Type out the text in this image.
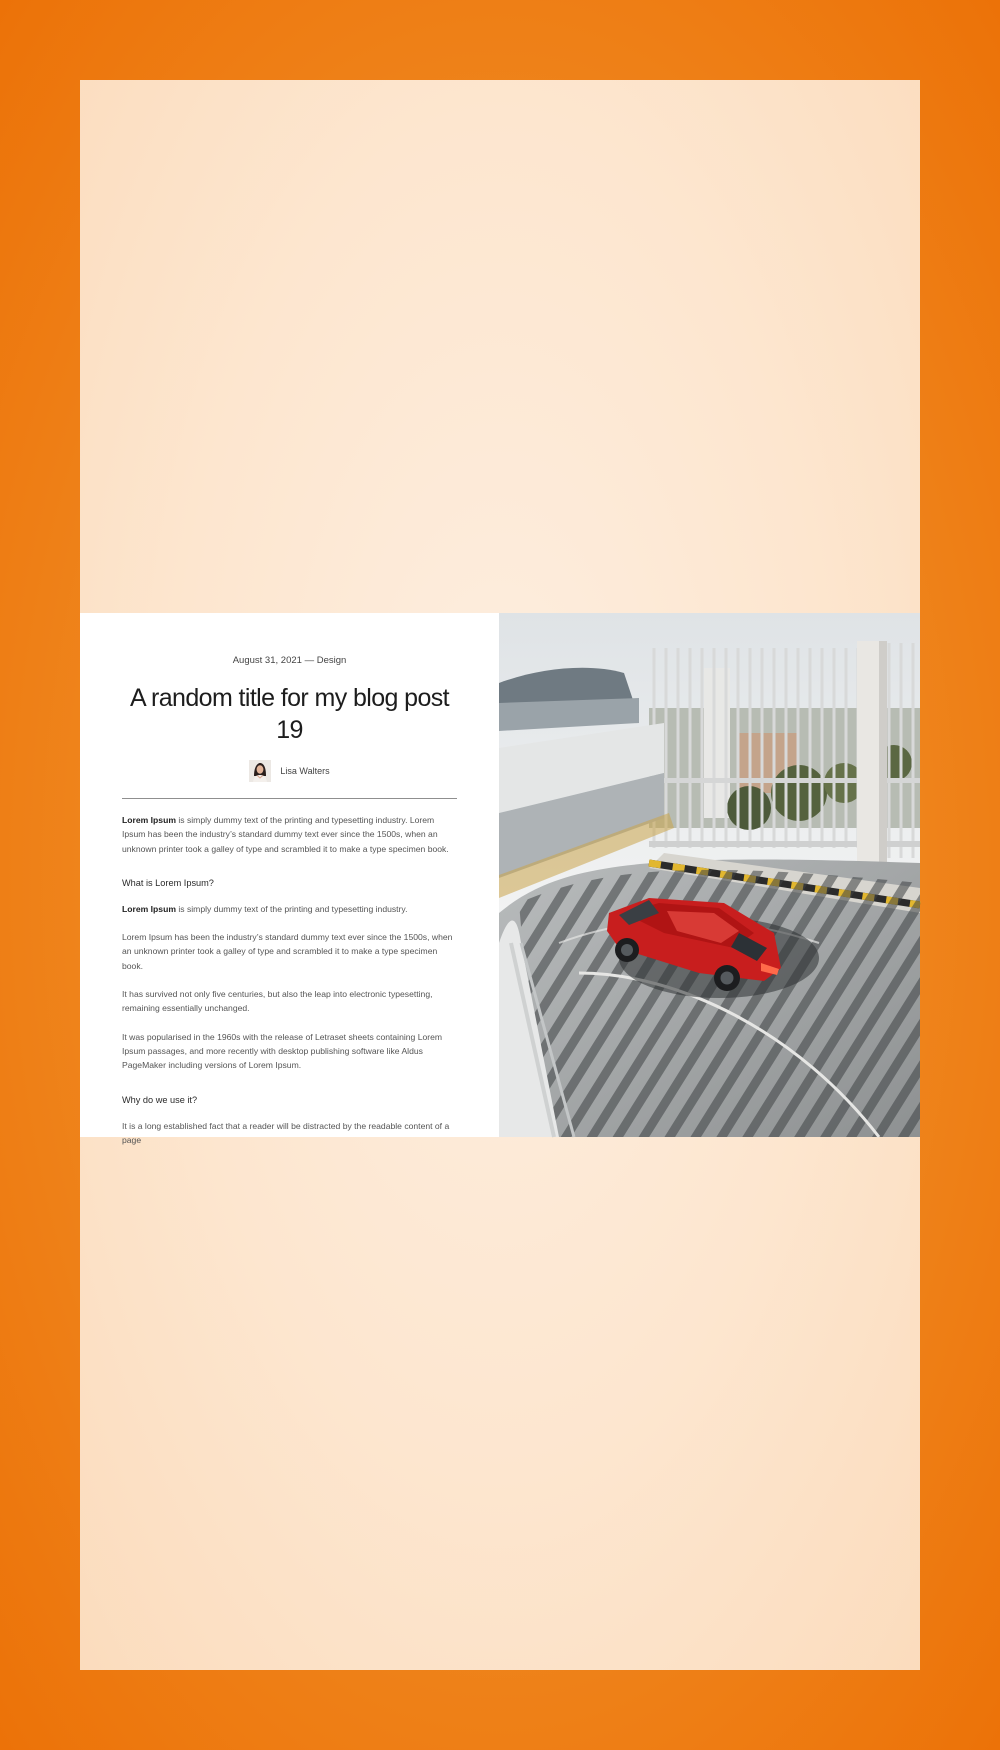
August 31, 2021 — Design
A random title for my blog post 19
Lisa Walters

Lorem Ipsum is simply dummy text of the printing and typesetting industry. Lorem Ipsum has been the industry’s standard dummy text ever since the 1500s, when an unknown printer took a galley of type and scrambled it to make a type specimen book.

What is Lorem Ipsum?

Lorem Ipsum is simply dummy text of the printing and typesetting industry.

Lorem Ipsum has been the industry’s standard dummy text ever since the 1500s, when an unknown printer took a galley of type and scrambled it to make a type specimen book.

It has survived not only five centuries, but also the leap into electronic typesetting, remaining essentially unchanged.

It was popularised in the 1960s with the release of Letraset sheets containing Lorem Ipsum passages, and more recently with desktop publishing software like Aldus PageMaker including versions of Lorem Ipsum.

Why do we use it?

It is a long established fact that a reader will be distracted by the readable content of a page
